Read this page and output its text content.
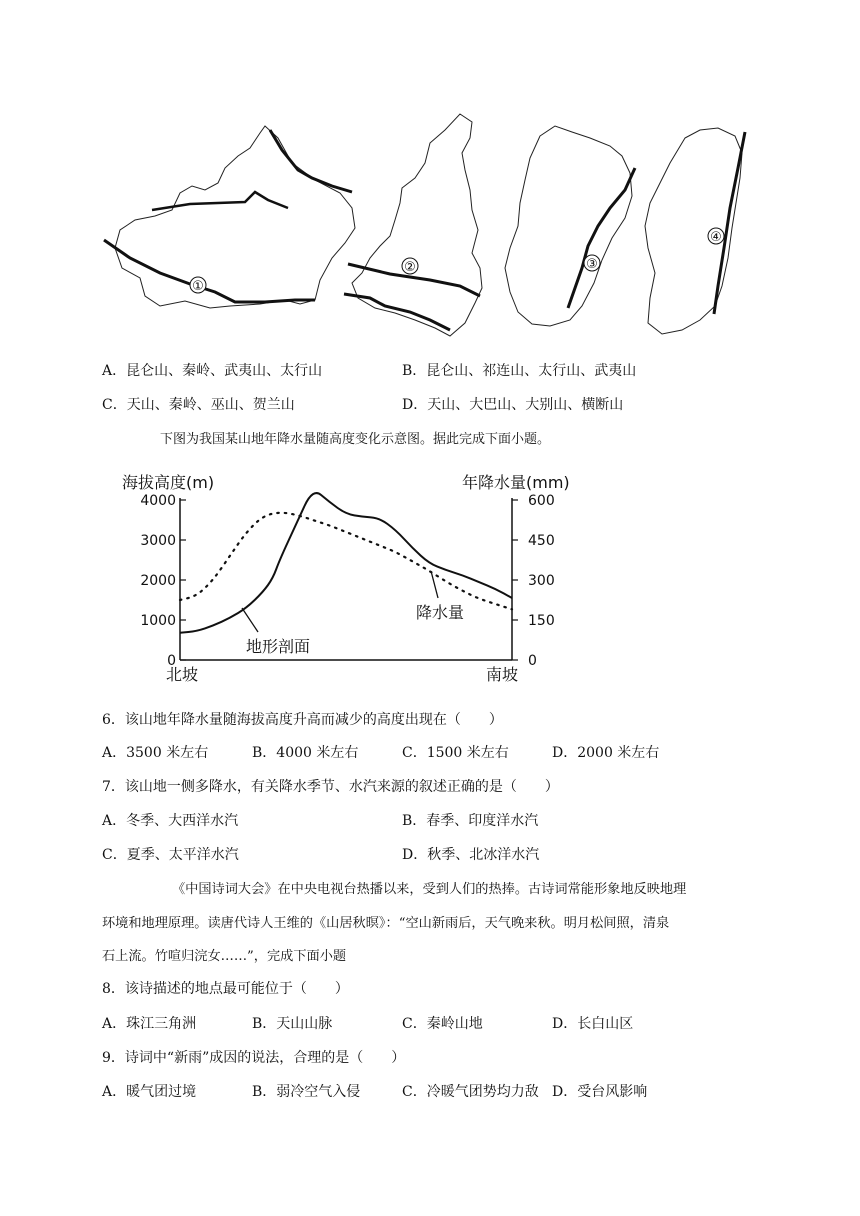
①
②	③
④
A．昆仑山、秦岭、武夷山、太行山	B．昆仑山、祁连山、太行山、武夷山
C．天山、秦岭、巫山、贺兰山	D．天山、大巴山、大别山、横断山
下图为我国某山地年降水量随高度变化示意图。据此完成下面小题。
海拔高度(m)	年降水量(mm)
4000
3000
2000
1000
0
600
450
300
150
0
地形剖面
降水量
北坡	南坡
6．该山地年降水量随海拔高度升高而减少的高度出现在（　　）
A．3500 米左右	B．4000 米左右	C．1500 米左右	D．2000 米左右
7．该山地一侧多降水，有关降水季节、水汽来源的叙述正确的是（　　）
A．冬季、大西洋水汽	B．春季、印度洋水汽
C．夏季、太平洋水汽	D．秋季、北冰洋水汽
《中国诗词大会》在中央电视台热播以来，受到人们的热捧。古诗词常能形象地反映地理
环境和地理原理。读唐代诗人王维的《山居秋暝》：“空山新雨后，天气晚来秋。明月松间照，清泉
石上流。竹喧归浣女……”，完成下面小题
8．该诗描述的地点最可能位于（　　）
A．珠江三角洲	B．天山山脉	C．秦岭山地	D．长白山区
9．诗词中“新雨”成因的说法，合理的是（　　）
A．暖气团过境	B．弱冷空气入侵	C．冷暖气团势均力敌 D．受台风影响
